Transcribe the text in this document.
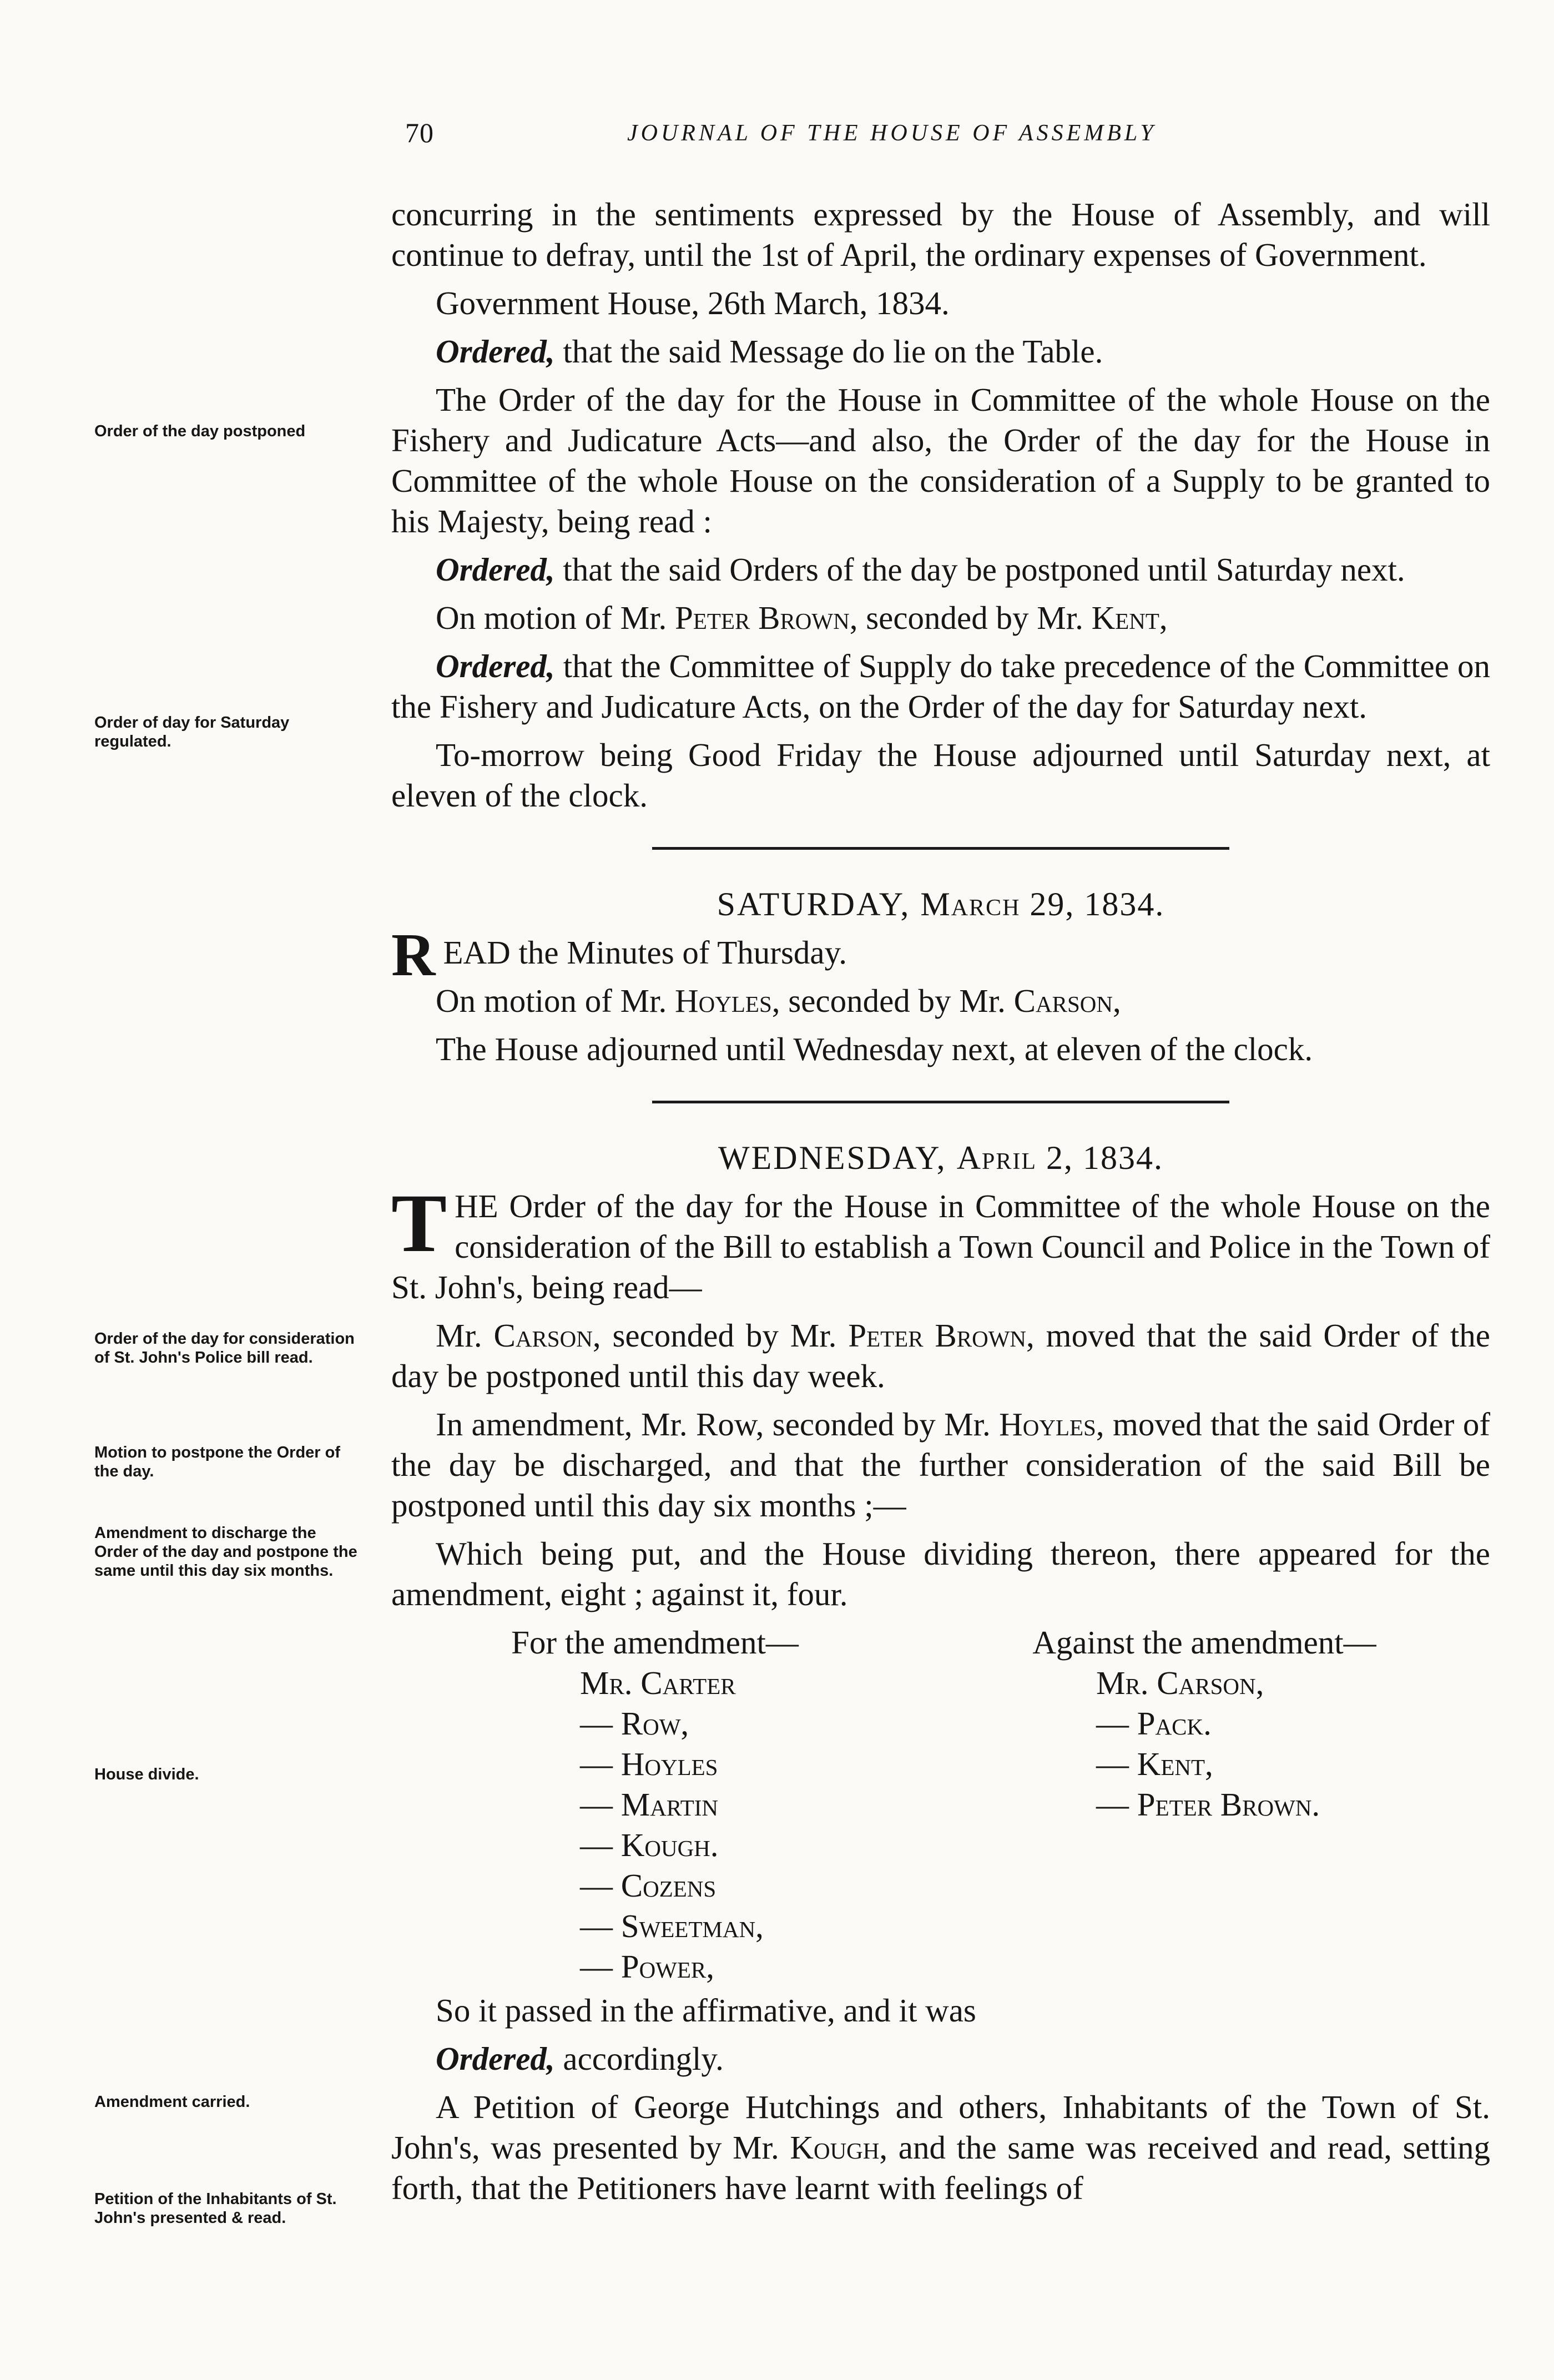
70	JOURNAL OF THE HOUSE OF ASSEMBLY
Order of the day postponed
Order of day for Saturday regulated.
Order of the day for consideration of St. John's Police bill read.
Motion to postpone the Order of the day.
Amendment to discharge the Order of the day and postpone the same until this day six months.
House divide.
Amendment carried.
Petition of the Inhabitants of St. John's presented & read.

concurring in the sentiments expressed by the House of Assembly, and will continue to defray, until the 1st of April, the ordinary expenses of Government.

Government House, 26th March, 1834.

Ordered, that the said Message do lie on the Table.

The Order of the day for the House in Committee of the whole House on the Fishery and Judicature Acts—and also, the Order of the day for the House in Committee of the whole House on the consideration of a Supply to be granted to his Majesty, being read :

Ordered, that the said Orders of the day be postponed until Saturday next.

On motion of Mr. Peter Brown, seconded by Mr. Kent,

Ordered, that the Committee of Supply do take precedence of the Committee on the Fishery and Judicature Acts, on the Order of the day for Saturday next.

To-morrow being Good Friday the House adjourned until Saturday next, at eleven of the clock.

SATURDAY, March 29, 1834.

READ the Minutes of Thursday.

On motion of Mr. Hoyles, seconded by Mr. Carson,

The House adjourned until Wednesday next, at eleven of the clock.

WEDNESDAY, April 2, 1834.

THE Order of the day for the House in Committee of the whole House on the consideration of the Bill to establish a Town Council and Police in the Town of St. John's, being read—

Mr. Carson, seconded by Mr. Peter Brown, moved that the said Order of the day be postponed until this day week.

In amendment, Mr. Row, seconded by Mr. Hoyles, moved that the said Order of the day be discharged, and that the further consideration of the said Bill be postponed until this day six months ;—

Which being put, and the House dividing thereon, there appeared for the amendment, eight ; against it, four.

For the amendment—
Mr. Carter
— Row,
— Hoyles
— Martin
— Kough.
— Cozens
— Sweetman,
— Power,
Against the amendment—
Mr. Carson,
— Pack.
— Kent,
— Peter Brown.

So it passed in the affirmative, and it was

Ordered, accordingly.

A Petition of George Hutchings and others, Inhabitants of the Town of St. John's, was presented by Mr. Kough, and the same was received and read, setting forth, that the Petitioners have learnt with feelings of
